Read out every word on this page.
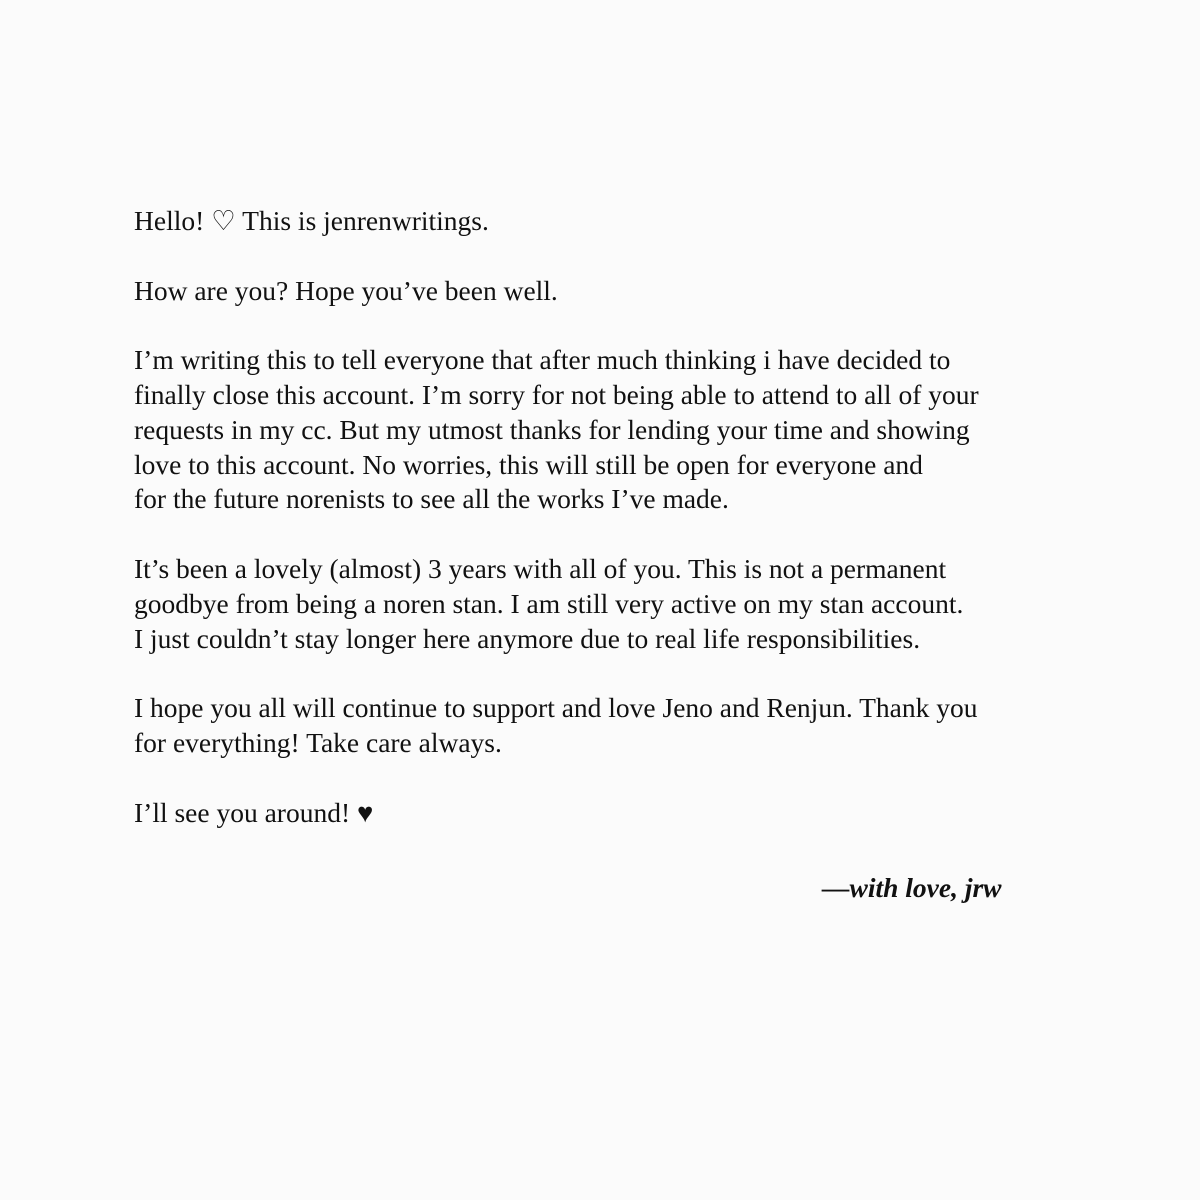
Hello! ♡ This is jenrenwritings.
How are you? Hope you’ve been well.
I’m writing this to tell everyone that after much thinking i have decided to
finally close this account. I’m sorry for not being able to attend to all of your
requests in my cc. But my utmost thanks for lending your time and showing
love to this account. No worries, this will still be open for everyone and
for the future norenists to see all the works I’ve made.
It’s been a lovely (almost) 3 years with all of you. This is not a permanent
goodbye from being a noren stan. I am still very active on my stan account.
I just couldn’t stay longer here anymore due to real life responsibilities.
I hope you all will continue to support and love Jeno and Renjun. Thank you
for everything! Take care always.
I’ll see you around! ♥
—with love, jrw
